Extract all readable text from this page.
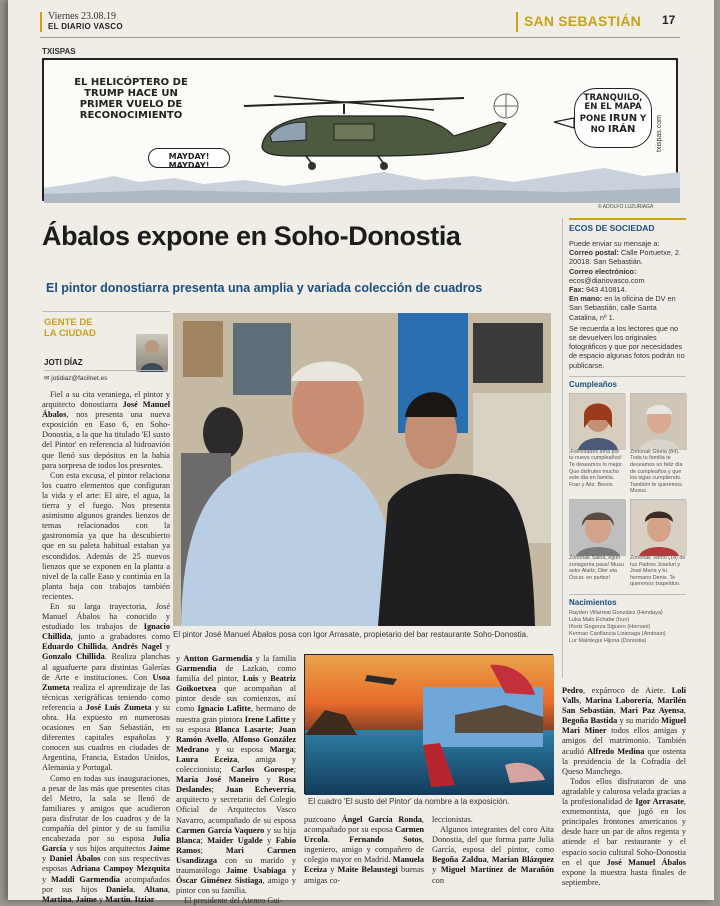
Viernes 23.08.19
EL DIARIO VASCO	SAN SEBASTIÁN 17
TXISPAS
EL HELICÓPTERO DE TRUMP HACE UN PRIMER VUELO DE RECONOCIMIENTO
MAYDAY! MAYDAY!
TRANQUILO, EN EL MAPA PONE IRUN Y NO IRÁN	txispas.com
© ADOLFO LUZURIAGA
Ábalos expone en Soho-Donostia
El pintor donostiarra presenta una amplia y variada colección de cuadros
GENTE DE
LA CIUDAD
JOTI DÍAZ
✉ jotidiaz@facilnet.es
El pintor José Manuel Ábalos posa con Igor Arrasate, propietario del bar restaurante Soho-Donostia.

Fiel a su cita veraniega, el pintor y arquitecto donostiarra José Manuel Ábalos, nos presenta una nueva exposición en Easo 6, en Soho-Donostia, a la que ha titulado 'El susto del Pintor' en referencia al hidroavión que llenó sus depósitos en la bahía para sorpresa de todos los presentes.

Con esta excusa, el pintor relaciona los cuatro elementos que configuran la vida y el arte: El aire, el agua, la tierra y el fuego. Nos presenta asimismo algunos grandes lienzos de temas relacionados con la gastronomía ya que ha descubierto que en su paleta habitual estaban ya escondidos. Además de 25 nuevos lienzos que se exponen en la planta a nivel de la calle Easo y continúa en la planta baja con trabajos también recientes.

En su larga trayectoria, José Manuel Ábalos ha conocido y estudiado los trabajos de Ignacio Chillida, junto a grabadores como Eduardo Chillida, Andrés Nagel y Gonzalo Chillida. Realiza planchas al aguafuerte para distintas Galerías de Arte e instituciones. Con Usoa Zumeta realiza el aprendizaje de las técnicas xerigráficas teniendo como referencia a José Luis Zumeta y su obra. Ha expuesto en numerosas ocasiones en San Sebastián, en diferentes capitales españolas y conocen sus cuadros en ciudades de Argentina, Francia, Estados Unidos, Alemania y Portugal.

Como en todas sus inauguraciones, a pesar de las más que presentes citas del Metro, la sala se llenó de familiares y amigos que acudieron para disfrutar de los cuadros y de la compañía del pintor y de su familia encabezada por su esposa Julia García y sus hijos arquitectos Jaime y Daniel Ábalos con sus respectivas esposas Adriana Campoy Mezquita y Maddi Garmendia acompañados por sus hijos Daniela, Altana, Martina, Jaime y Martín. Itziar

y Antton Garmendia y la familia Garmendia de Lazkao, como familia del pintor, Luis y Beatriz Goikoetxea que acompañan al pintor desde sus comienzos, así como Ignacio Lafitte, hermano de nuestra gran pintora Irene Lafitte y su esposa Blanca Lasarte; Juan Ramón Avello, Alfonso González Medrano y su esposa Marga; Laura Eceiza, amiga y coleccionista; Carlos Gorospe; María José Maneiro y Rosa Deslandes; Juan Echeverría, arquitecto y secretario del Colegio Oficial de Arquitectos Vasco Navarro, acompañado de su esposa Carmen García Vaquero y su hija Blanca; Maider Ugalde y Fabio Ramos; Mari Carmen Usandizaga con su marido y traumatólogo Jaime Usabiaga y Óscar Giménez Sistiaga, amigo y pintor con su familia.

El presidente del Ateneo Gui-

El cuadro 'El susto del Pintor' da nombre a la exposición.

puzcoano Ángel García Ronda, acompañado por su esposa Carmen Urcola. Fernando Sotos, ingeniero, amigo y compañero de colegio mayor en Madrid. Manuela Eceiza y Maite Belaustegi buenas amigas co-

leccionistas.

Algunos integrantes del coro Aita Donostia, del que forma parte Julia García, esposa del pintor, como Begoña Zaldua, Marian Blázquez y Miguel Martínez de Marañón con

Pedro, expárroco de Aiete. Loli Valls, Marina Laborería, Marilén San Sebastián, Mari Paz Ayensa, Begoña Bastida y su marido Miguel Mari Miner todos ellos amigas y amigos del matrimonio. También acudió Alfredo Medina que ostenta la presidencia de la Cofradía del Queso Manchego.

Todos ellos disfrutaron de una agradable y calurosa velada gracias a la profesionalidad de Igor Arrasate, exmemontista, que jugó en los principales frontones americanos y desde hace un par de años regenta y atiende el bar restaurante y el espacio socio cultural Soho-Donostia en el que José Manuel Ábalos expone la muestra hasta finales de septiembre.

ECOS DE SOCIEDAD
Puede enviar su mensaje a:
Correo postal: Calle Portuetxe, 2. 20018. San Sebastián.
Correo electrónico:
ecos@diariovasco.com
Fax: 943 410814.
En mano: en la oficina de DV en San Sebastián, calle Santa Catalina, nº 1.
Se recuerda a los lectores que no se devuelven los originales fotográficos y que por necesidades de espacio algunas fotos podrán no publicarse.
Cumpleaños
¡Felicidades ama por tu nuevo cumpleaños! Te deseamos lo mejor. Que disfrutes mucho este día en familia. Fran y Aitz. Besos.
Zorionak Gloria (84). Toda tu familia te deseamos un feliz día de cumpleaños y que los sigas cumpliendo. También te queremos. Muxus.
Zorionak Saioa, egun zoriagarria pasa! Musu asko Alaitz, Oier eta Óscar. en partez!
Zorionak Telmo (14) de tus Padres Joseluri y José María y tu hermano Denis. Te queremos txapeldun.
Nacimientos
Rayden Villarreal González (Hendaya)
Luka Malo Echabe (Irun)
Iñortz Gogorza Siguero (Hernani)
Kerman Canflancia Lizarraga (Andoain)
Lur Malotegui Hijona (Donostia)
